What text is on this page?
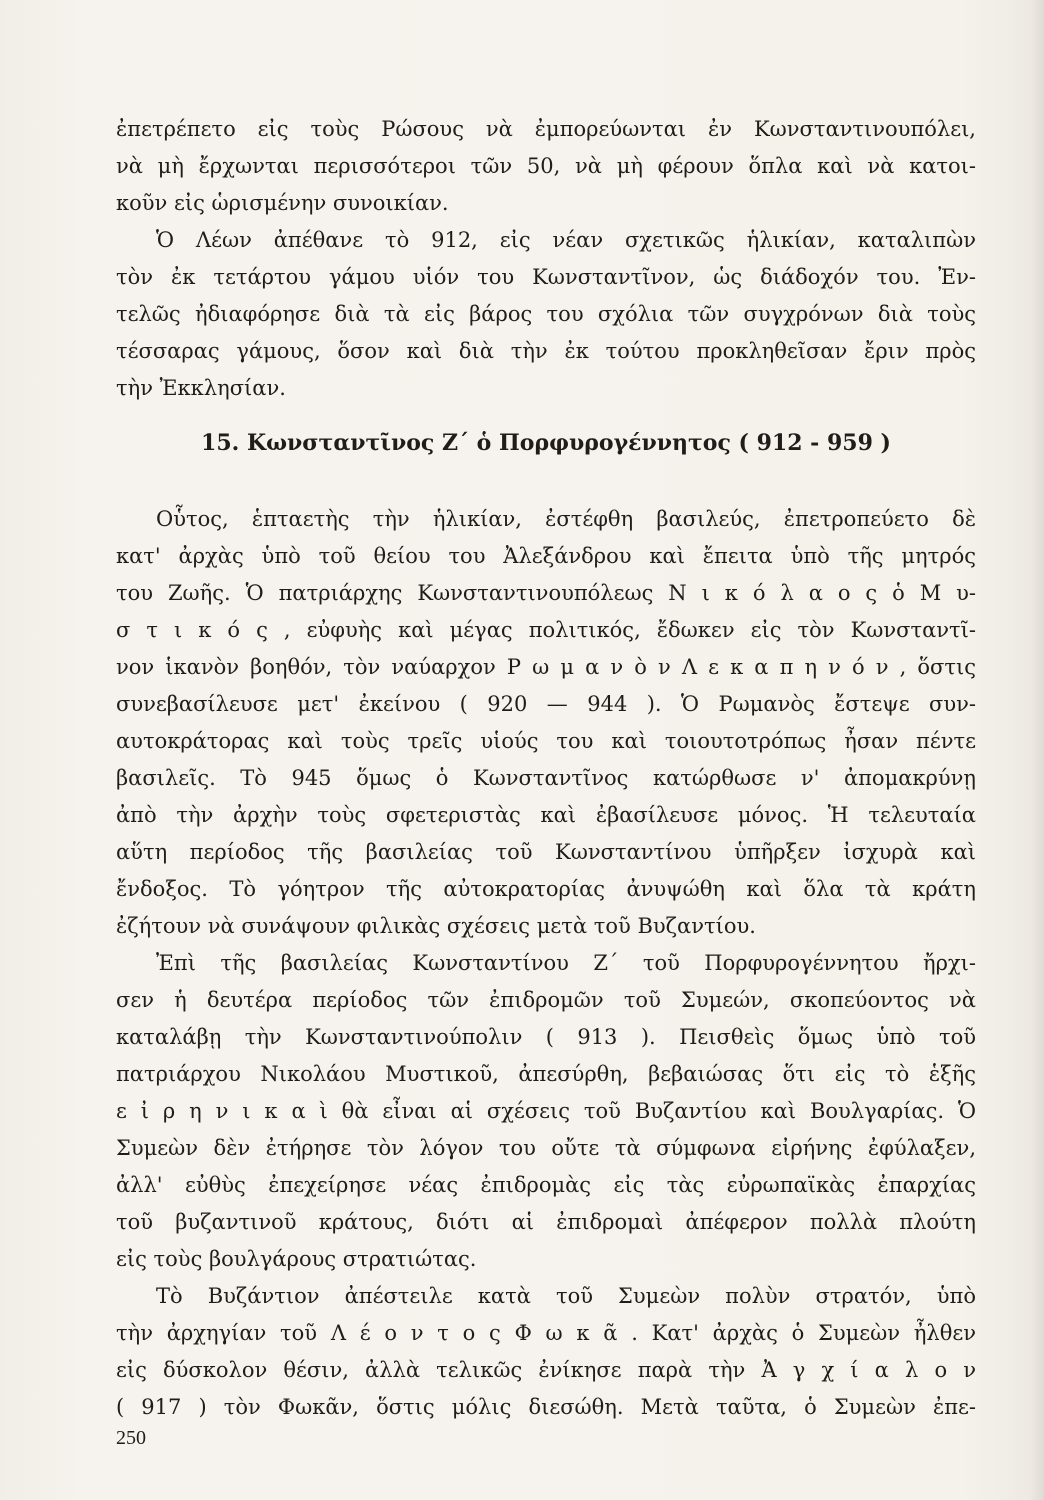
ἐπετρέπετο εἰς τοὺς Ρώσους νὰ ἐμπορεύωνται ἐν Κωνσταντινουπόλει,
νὰ μὴ ἔρχωνται περισσότεροι τῶν 50, νὰ μὴ φέρουν ὅπλα καὶ νὰ κατοι-
κοῦν εἰς ὡρισμένην συνοικίαν.
Ὁ Λέων ἀπέθανε τὸ 912, εἰς νέαν σχετικῶς ἡλικίαν, καταλιπὼν
τὸν ἐκ τετάρτου γάμου υἱόν του Κωνσταντῖνον, ὡς διάδοχόν του. Ἐν-
τελῶς ἠδιαφόρησε διὰ τὰ εἰς βάρος του σχόλια τῶν συγχρόνων διὰ τοὺς
τέσσαρας γάμους, ὅσον καὶ διὰ τὴν ἐκ τούτου προκληθεῖσαν ἔριν πρὸς
τὴν Ἐκκλησίαν.
15. Κωνσταντῖνος Ζ΄ ὁ Πορφυρογέννητος ( 912 - 959 )
Οὗτος, ἑπταετὴς τὴν ἡλικίαν, ἐστέφθη βασιλεύς, ἐπετροπεύετο δὲ
κατ' ἀρχὰς ὑπὸ τοῦ θείου του Ἀλεξάνδρου καὶ ἔπειτα ὑπὸ τῆς μητρός
του Ζωῆς. Ὁ πατριάρχης Κωνσταντινουπόλεως Ν ι κ ό λ α ο ς ὁ Μ υ-
σ τ ι κ ό ς , εὐφυὴς καὶ μέγας πολιτικός, ἔδωκεν εἰς τὸν Κωνσταντῖ-
νον ἱκανὸν βοηθόν, τὸν ναύαρχον Ρ ω μ α ν ὸ ν Λ ε κ α π η ν ό ν , ὅστις
συνεβασίλευσε μετ' ἐκείνου ( 920 — 944 ). Ὁ Ρωμανὸς ἔστεψε συν-
αυτοκράτορας καὶ τοὺς τρεῖς υἱούς του καὶ τοιουτοτρόπως ἦσαν πέντε
βασιλεῖς. Τὸ 945 ὅμως ὁ Κωνσταντῖνος κατώρθωσε ν' ἀπομακρύνῃ
ἀπὸ τὴν ἀρχὴν τοὺς σφετεριστὰς καὶ ἐβασίλευσε μόνος. Ἡ τελευταία
αὕτη περίοδος τῆς βασιλείας τοῦ Κωνσταντίνου ὑπῆρξεν ἰσχυρὰ καὶ
ἔνδοξος. Τὸ γόητρον τῆς αὐτοκρατορίας ἀνυψώθη καὶ ὅλα τὰ κράτη
ἐζήτουν νὰ συνάψουν φιλικὰς σχέσεις μετὰ τοῦ Βυζαντίου.
Ἐπὶ τῆς βασιλείας Κωνσταντίνου Ζ΄ τοῦ Πορφυρογέννητου ἤρχι-
σεν ἡ δευτέρα περίοδος τῶν ἐπιδρομῶν τοῦ Συμεών, σκοπεύοντος νὰ
καταλάβῃ τὴν Κωνσταντινούπολιν ( 913 ). Πεισθεὶς ὅμως ὑπὸ τοῦ
πατριάρχου Νικολάου Μυστικοῦ, ἀπεσύρθη, βεβαιώσας ὅτι εἰς τὸ ἑξῆς
ε ἰ ρ η ν ι κ α ὶ θὰ εἶναι αἱ σχέσεις τοῦ Βυζαντίου καὶ Βουλγαρίας. Ὁ
Συμεὼν δὲν ἐτήρησε τὸν λόγον του οὔτε τὰ σύμφωνα εἰρήνης ἐφύλαξεν,
ἀλλ' εὐθὺς ἐπεχείρησε νέας ἐπιδρομὰς εἰς τὰς εὐρωπαϊκὰς ἐπαρχίας
τοῦ βυζαντινοῦ κράτους, διότι αἱ ἐπιδρομαὶ ἀπέφερον πολλὰ πλούτη
εἰς τοὺς βουλγάρους στρατιώτας.
Τὸ Βυζάντιον ἀπέστειλε κατὰ τοῦ Συμεὼν πολὺν στρατόν, ὑπὸ
τὴν ἀρχηγίαν τοῦ Λ έ ο ν τ ο ς Φ ω κ ᾶ . Κατ' ἀρχὰς ὁ Συμεὼν ἦλθεν
εἰς δύσκολον θέσιν, ἀλλὰ τελικῶς ἐνίκησε παρὰ τὴν Ἀ γ χ ί α λ ο ν
( 917 ) τὸν Φωκᾶν, ὅστις μόλις διεσώθη. Μετὰ ταῦτα, ὁ Συμεὼν ἐπε-
250
